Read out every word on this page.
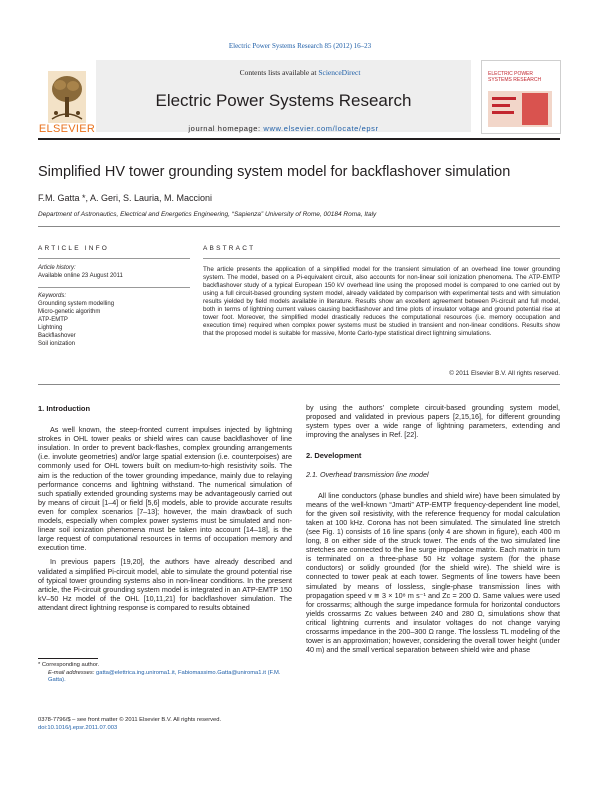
Electric Power Systems Research 85 (2012) 16–23
Contents lists available at ScienceDirect
ELSEVIER
Electric Power Systems Research
journal homepage: www.elsevier.com/locate/epsr
ELECTRIC POWER SYSTEMS RESEARCH
Simplified HV tower grounding system model for backflashover simulation
F.M. Gatta *, A. Geri, S. Lauria, M. Maccioni
Department of Astronautics, Electrical and Energetics Engineering, “Sapienza” University of Rome, 00184 Roma, Italy
ARTICLE INFO	ABSTRACT
Article history:
Available online 23 August 2011
Keywords:
Grounding system modelling
Micro-genetic algorithm
ATP-EMTP
Lightning
Backflashover
Soil ionization
The article presents the application of a simplified model for the transient simulation of an overhead line tower grounding system. The model, based on a Pi-equivalent circuit, also accounts for non-linear soil ionization phenomena. The ATP-EMTP backflashover study of a typical European 150 kV overhead line using the proposed model is compared to one carried out by using a full circuit-based grounding system model, already validated by comparison with experimental tests and with simulation results yielded by field models available in literature. Results show an excellent agreement between Pi-circuit and full model, both in terms of lightning current values causing backflashover and time plots of insulator voltage and ground potential rise at tower foot. Moreover, the simplified model drastically reduces the computational resources (i.e. memory occupation and execution time) required when complex power systems must be studied in transient and non-linear conditions. Results show that the proposed model is suitable for massive, Monte Carlo-type statistical direct lightning simulations.
© 2011 Elsevier B.V. All rights reserved.

1. Introduction

As well known, the steep-fronted current impulses injected by lightning strokes in OHL tower peaks or shield wires can cause backflashover of line insulation. In order to prevent back-flashes, complex grounding arrangements (i.e. involute geometries) and/or large spatial extension (i.e. counterpoises) are commonly used for OHL towers built on medium-to-high resistivity soils. The aim is the reduction of the tower grounding impedance, mainly due to relaying performance concerns and lightning withstand. The numerical simulation of such spatially extended grounding systems may be advantageously carried out by means of circuit [1–4] or field [5,6] models, able to provide accurate results even for complex scenarios [7–13]; however, the main drawback of such models, especially when complex power systems must be simulated and non-linear soil ionization phenomena must be taken into account [14–18], is the large request of computational resources in terms of occupation memory and execution time.

In previous papers [19,20], the authors have already described and validated a simplified Pi-circuit model, able to simulate the ground potential rise of typical tower grounding systems also in non-linear conditions. In the present article, the Pi-circuit grounding system model is integrated in an ATP-EMTP 150 kV–50 Hz model of the OHL [10,11,21] for backflashover simulation. The attendant direct lightning response is compared to results obtained

by using the authors’ complete circuit-based grounding system model, proposed and validated in previous papers [2,15,16], for different grounding system types over a wide range of lightning parameters, extending and improving the analyses in Ref. [22].

2. Development

2.1. Overhead transmission line model

All line conductors (phase bundles and shield wire) have been simulated by means of the well-known “Jmarti” ATP-EMTP frequency-dependent line model, for the given soil resistivity, with the reference frequency for modal calculation taken at 100 kHz. Corona has not been simulated. The simulated line stretch (see Fig. 1) consists of 16 line spans (only 4 are shown in figure), each 400 m long, 8 on either side of the struck tower. The ends of the two simulated line stretches are connected to the line surge impedance matrix. Each matrix in turn is terminated on a three-phase 50 Hz voltage system (for the phase conductors) or solidly grounded (for the shield wire). The shield wire is connected to tower peak at each tower. Segments of line towers have been simulated by means of lossless, single-phase transmission lines with propagation speed v ≅ 3 × 10⁸ m s⁻¹ and Zc = 200 Ω. Same values were used for crossarms; although the surge impedance formula for horizontal conductors yields crossarms Zc values between 240 and 280 Ω, simulations show that critical lightning currents and insulator voltages do not change varying crossarms impedance in the 200–300 Ω range. The lossless TL modeling of the tower is an approximation; however, considering the overall tower height (under 40 m) and the small vertical separation between shield wire and phase

* Corresponding author.
E-mail addresses: gatta@elettrica.ing.uniroma1.it, Fabiomassimo.Gatta@uniroma1.it (F.M. Gatta).
0378-7796/$ – see front matter © 2011 Elsevier B.V. All rights reserved.
doi:10.1016/j.epsr.2011.07.003
